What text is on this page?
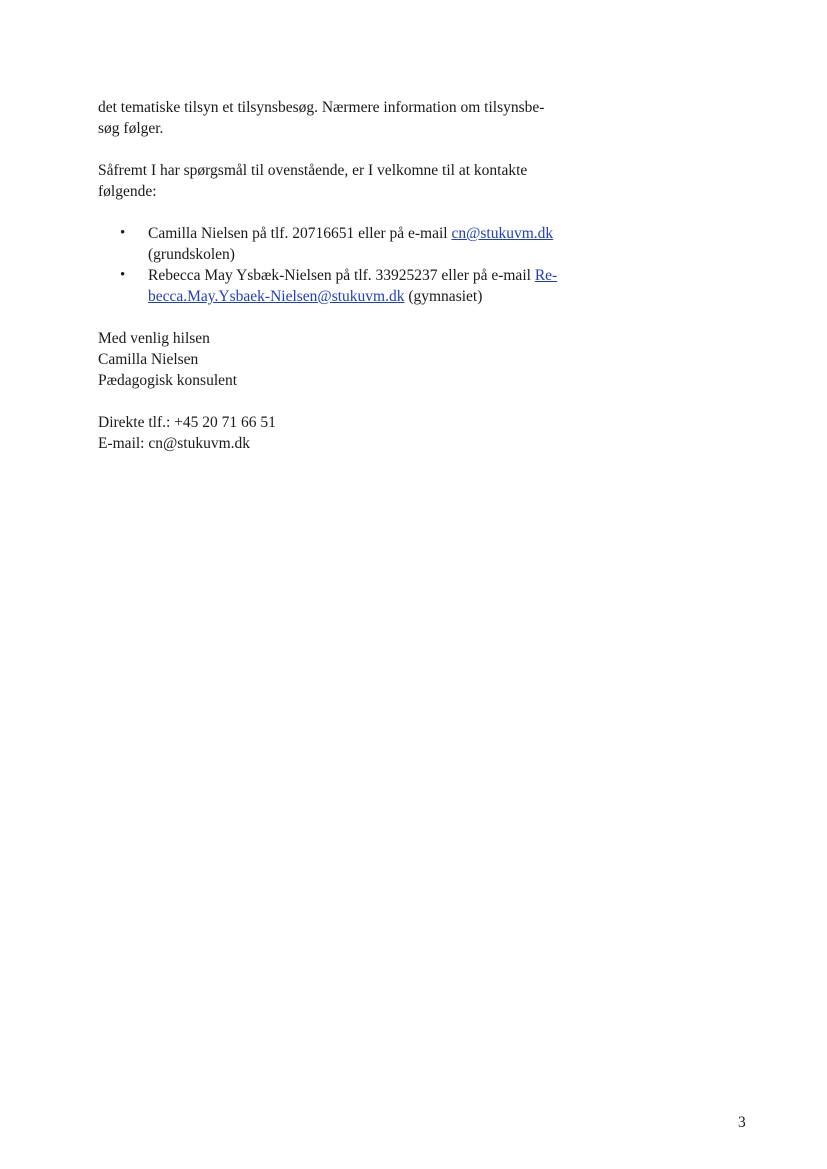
det tematiske tilsyn et tilsynsbesøg. Nærmere information om tilsynsbe-
søg følger.

Såfremt I har spørgsmål til ovenstående, er I velkomne til at kontakte
følgende:

• Camilla Nielsen på tlf. 20716651 eller på e-mail cn@stukuvm.dk
(grundskolen)
• Rebecca May Ysbæk-Nielsen på tlf. 33925237 eller på e-mail Re-
becca.May.Ysbaek-Nielsen@stukuvm.dk (gymnasiet)

Med venlig hilsen
Camilla Nielsen
Pædagogisk konsulent

Direkte tlf.: +45 20 71 66 51
E-mail: cn@stukuvm.dk

3
